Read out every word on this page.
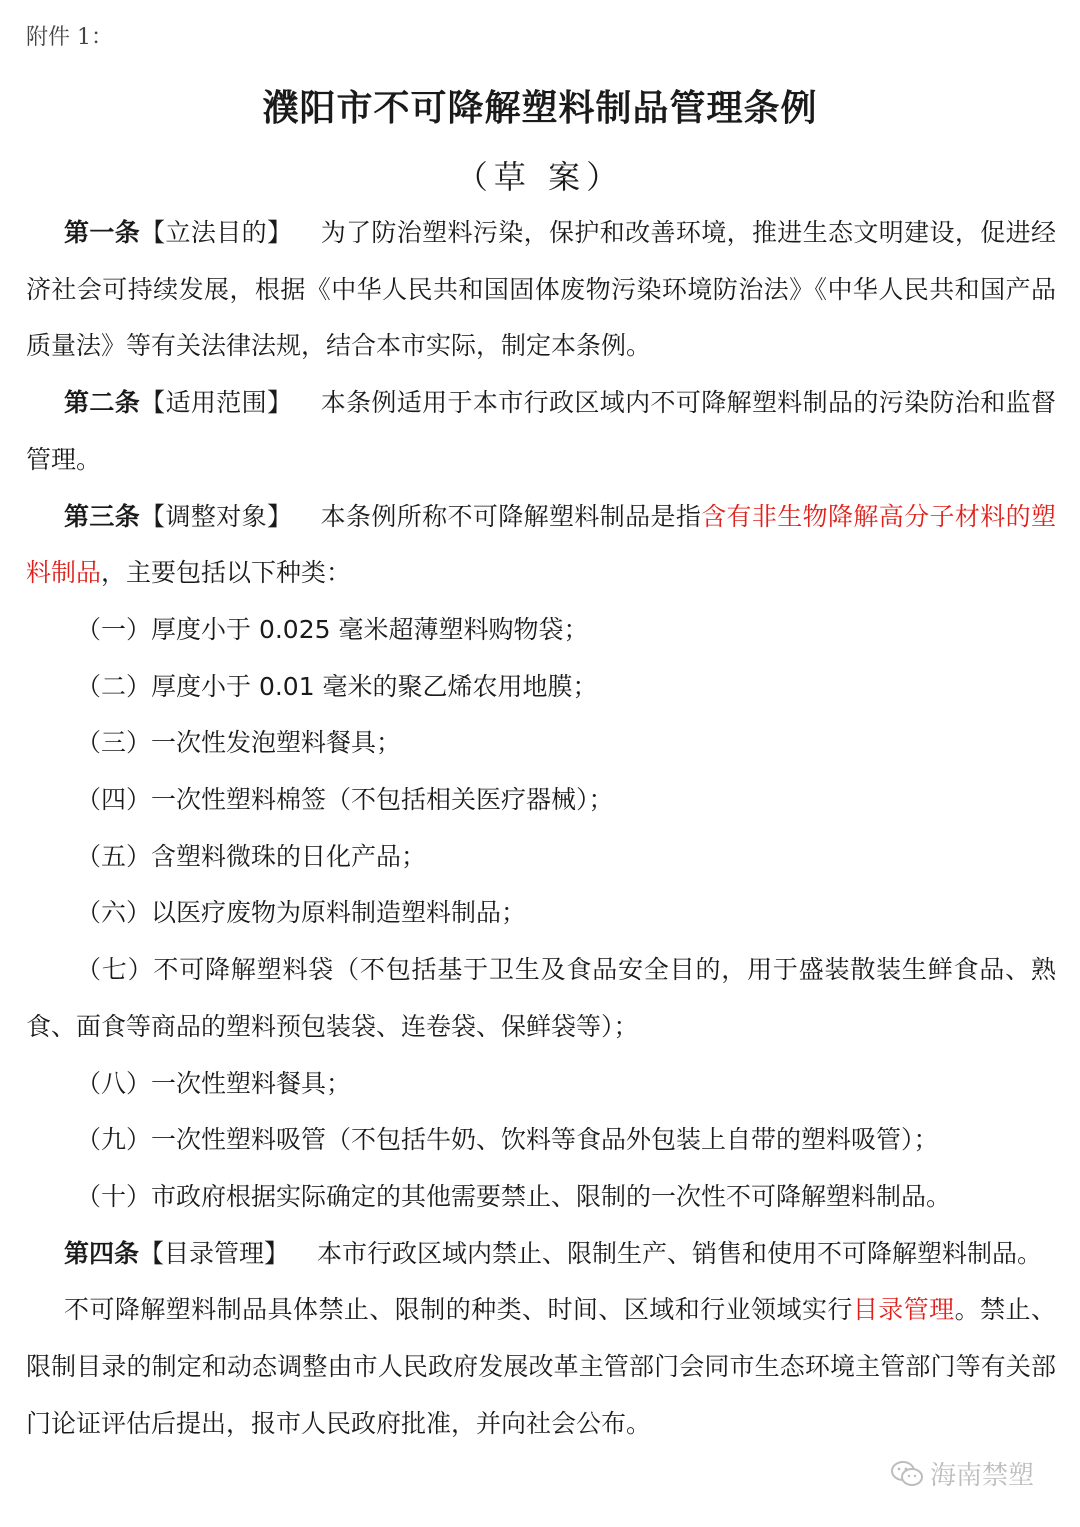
附件 1：
濮阳市不可降解塑料制品管理条例
（草 案）

第一条【立法目的】 为了防治塑料污染，保护和改善环境，推进生态文明建设，促进经济社会可持续发展，根据《中华人民共和国固体废物污染环境防治法》《中华人民共和国产品质量法》等有关法律法规，结合本市实际，制定本条例。

第二条【适用范围】 本条例适用于本市行政区域内不可降解塑料制品的污染防治和监督管理。

第三条【调整对象】 本条例所称不可降解塑料制品是指含有非生物降解高分子材料的塑料制品，主要包括以下种类：

（一）厚度小于 0.025 毫米超薄塑料购物袋；

（二）厚度小于 0.01 毫米的聚乙烯农用地膜；

（三）一次性发泡塑料餐具；

（四）一次性塑料棉签（不包括相关医疗器械）；

（五）含塑料微珠的日化产品；

（六）以医疗废物为原料制造塑料制品；

（七）不可降解塑料袋（不包括基于卫生及食品安全目的，用于盛装散装生鲜食品、熟食、面食等商品的塑料预包装袋、连卷袋、保鲜袋等）；

（八）一次性塑料餐具；

（九）一次性塑料吸管（不包括牛奶、饮料等食品外包装上自带的塑料吸管）；

（十）市政府根据实际确定的其他需要禁止、限制的一次性不可降解塑料制品。

第四条【目录管理】 本市行政区域内禁止、限制生产、销售和使用不可降解塑料制品。

不可降解塑料制品具体禁止、限制的种类、时间、区域和行业领域实行目录管理。禁止、限制目录的制定和动态调整由市人民政府发展改革主管部门会同市生态环境主管部门等有关部门论证评估后提出，报市人民政府批准，并向社会公布。

海南禁塑
